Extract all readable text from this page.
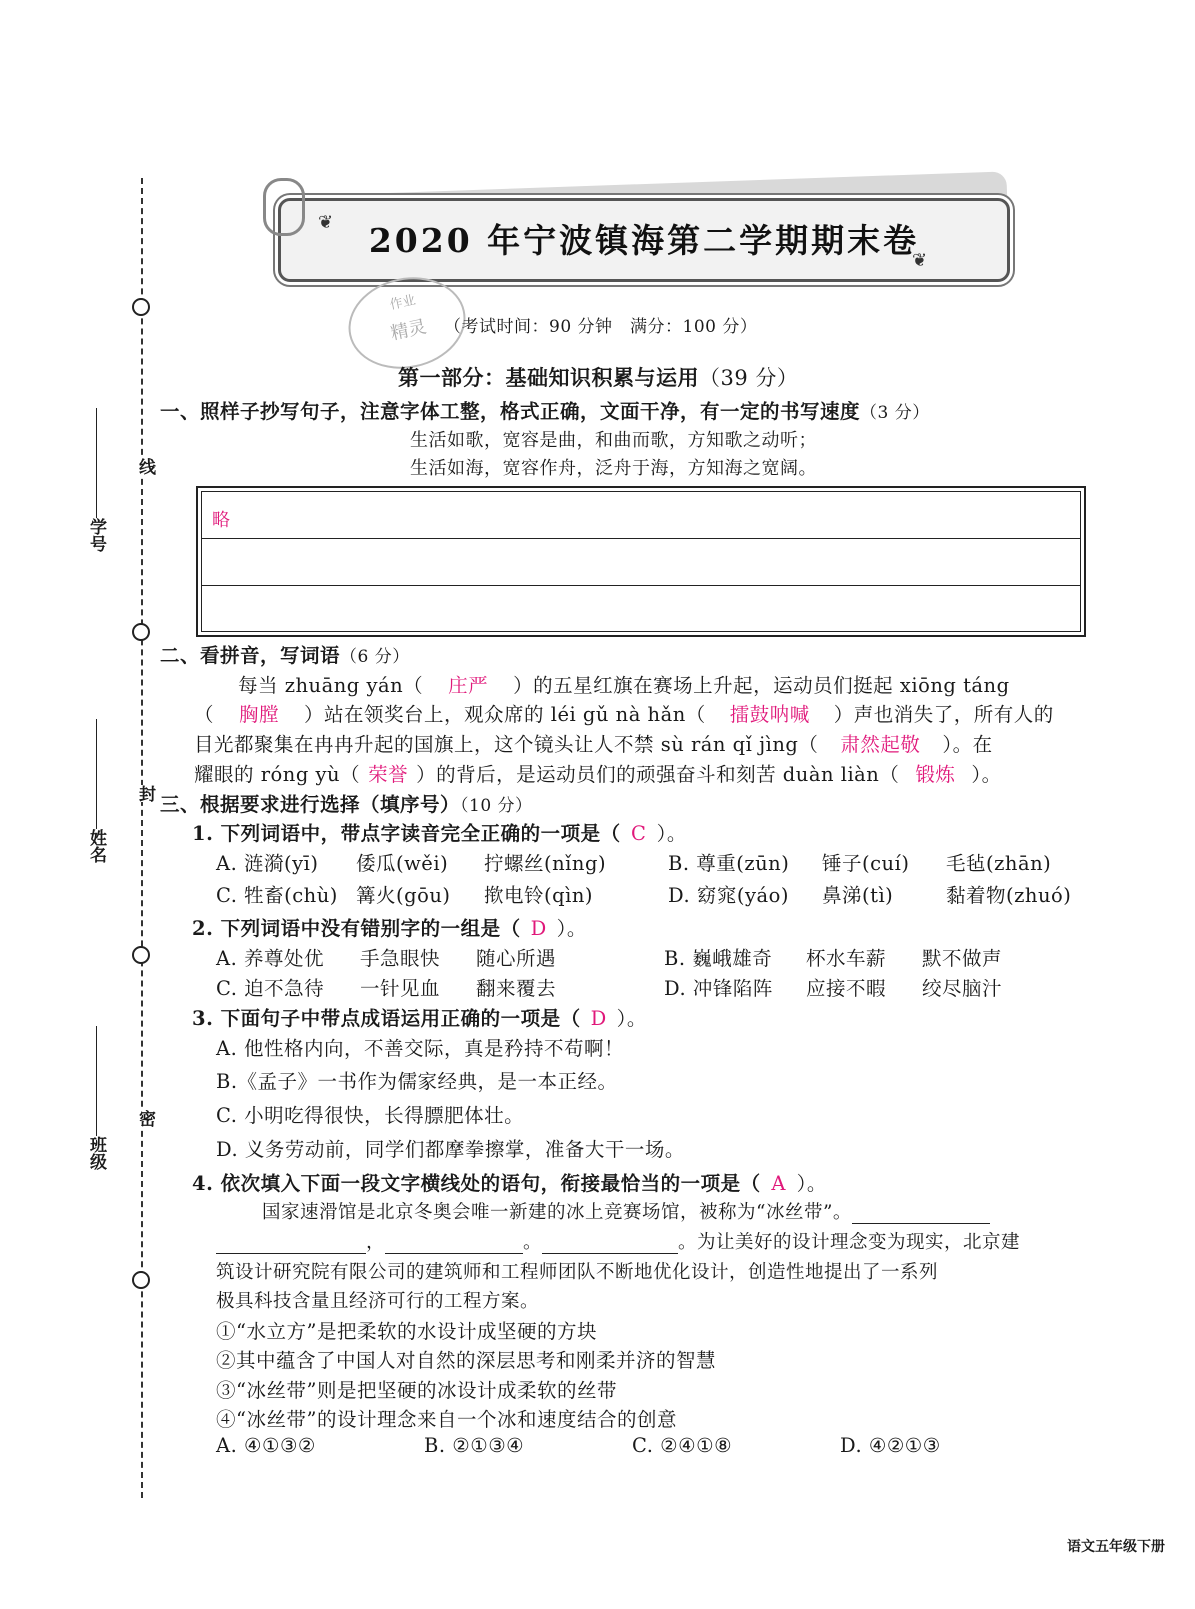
线
封
密
学号
姓名
班级
2020 年宁波镇海第二学期期末卷
❦
❦
作业
精灵 （考试时间：90 分钟　满分：100 分）
第一部分：基础知识积累与运用（39 分）
一、照样子抄写句子，注意字体工整，格式正确，文面干净，有一定的书写速度（3 分）
生活如歌，宽容是曲，和曲而歌，方知歌之动听；
生活如海，宽容作舟，泛舟于海，方知海之宽阔。
略
二、看拼音，写词语（6 分）
每当 zhuāng yán（ 庄严 ）的五星红旗在赛场上升起，运动员们挺起 xiōng táng
（ 胸膛 ）站在领奖台上，观众席的 léi gǔ nà hǎn（ 擂鼓呐喊 ）声也消失了，所有人的
目光都聚集在冉冉升起的国旗上，这个镜头让人不禁 sù rán qǐ jìng（ 肃然起敬 ）。在
耀眼的 róng yù（ 荣誉 ）的背后，是运动员们的顽强奋斗和刻苦 duàn liàn（ 锻炼 ）。
三、根据要求进行选择（填序号）（10 分）
1. 下列词语中，带点字读音完全正确的一项是（ C ）。
A. 涟漪(yī) 倭瓜(wěi) 拧螺丝(nǐng)	B. 尊重(zūn) 锤子(cuí) 毛毡(zhān)
C. 牲畜(chù) 篝火(gōu) 揿电铃(qìn)	D. 窈窕(yáo) 鼻涕(tì)	黏着物(zhuó)
2. 下列词语中没有错别字的一组是（ D ）。
A. 养尊处优 手急眼快 随心所遇	B. 巍峨雄奇 杯水车薪 默不做声
C. 迫不急待 一针见血 翻来覆去	D. 冲锋陷阵 应接不暇 绞尽脑汁
3. 下面句子中带点成语运用正确的一项是（ D ）。
A. 他性格内向，不善交际，真是矜持不苟啊！
B.《孟子》一书作为儒家经典，是一本正经。
C. 小明吃得很快，长得膘肥体壮。
D. 义务劳动前，同学们都摩拳擦掌，准备大干一场。
4. 依次填入下面一段文字横线处的语句，衔接最恰当的一项是（ A ）。
国家速滑馆是北京冬奥会唯一新建的冰上竞赛场馆，被称为“冰丝带”。
，	。	。为让美好的设计理念变为现实，北京建
筑设计研究院有限公司的建筑师和工程师团队不断地优化设计，创造性地提出了一系列
极具科技含量且经济可行的工程方案。
①“水立方”是把柔软的水设计成坚硬的方块
②其中蕴含了中国人对自然的深层思考和刚柔并济的智慧
③“冰丝带”则是把坚硬的冰设计成柔软的丝带
④“冰丝带”的设计理念来自一个冰和速度结合的创意
A. ④①③②	B. ②①③④	C. ②④①⑧	D. ④②①③
语文五年级下册
